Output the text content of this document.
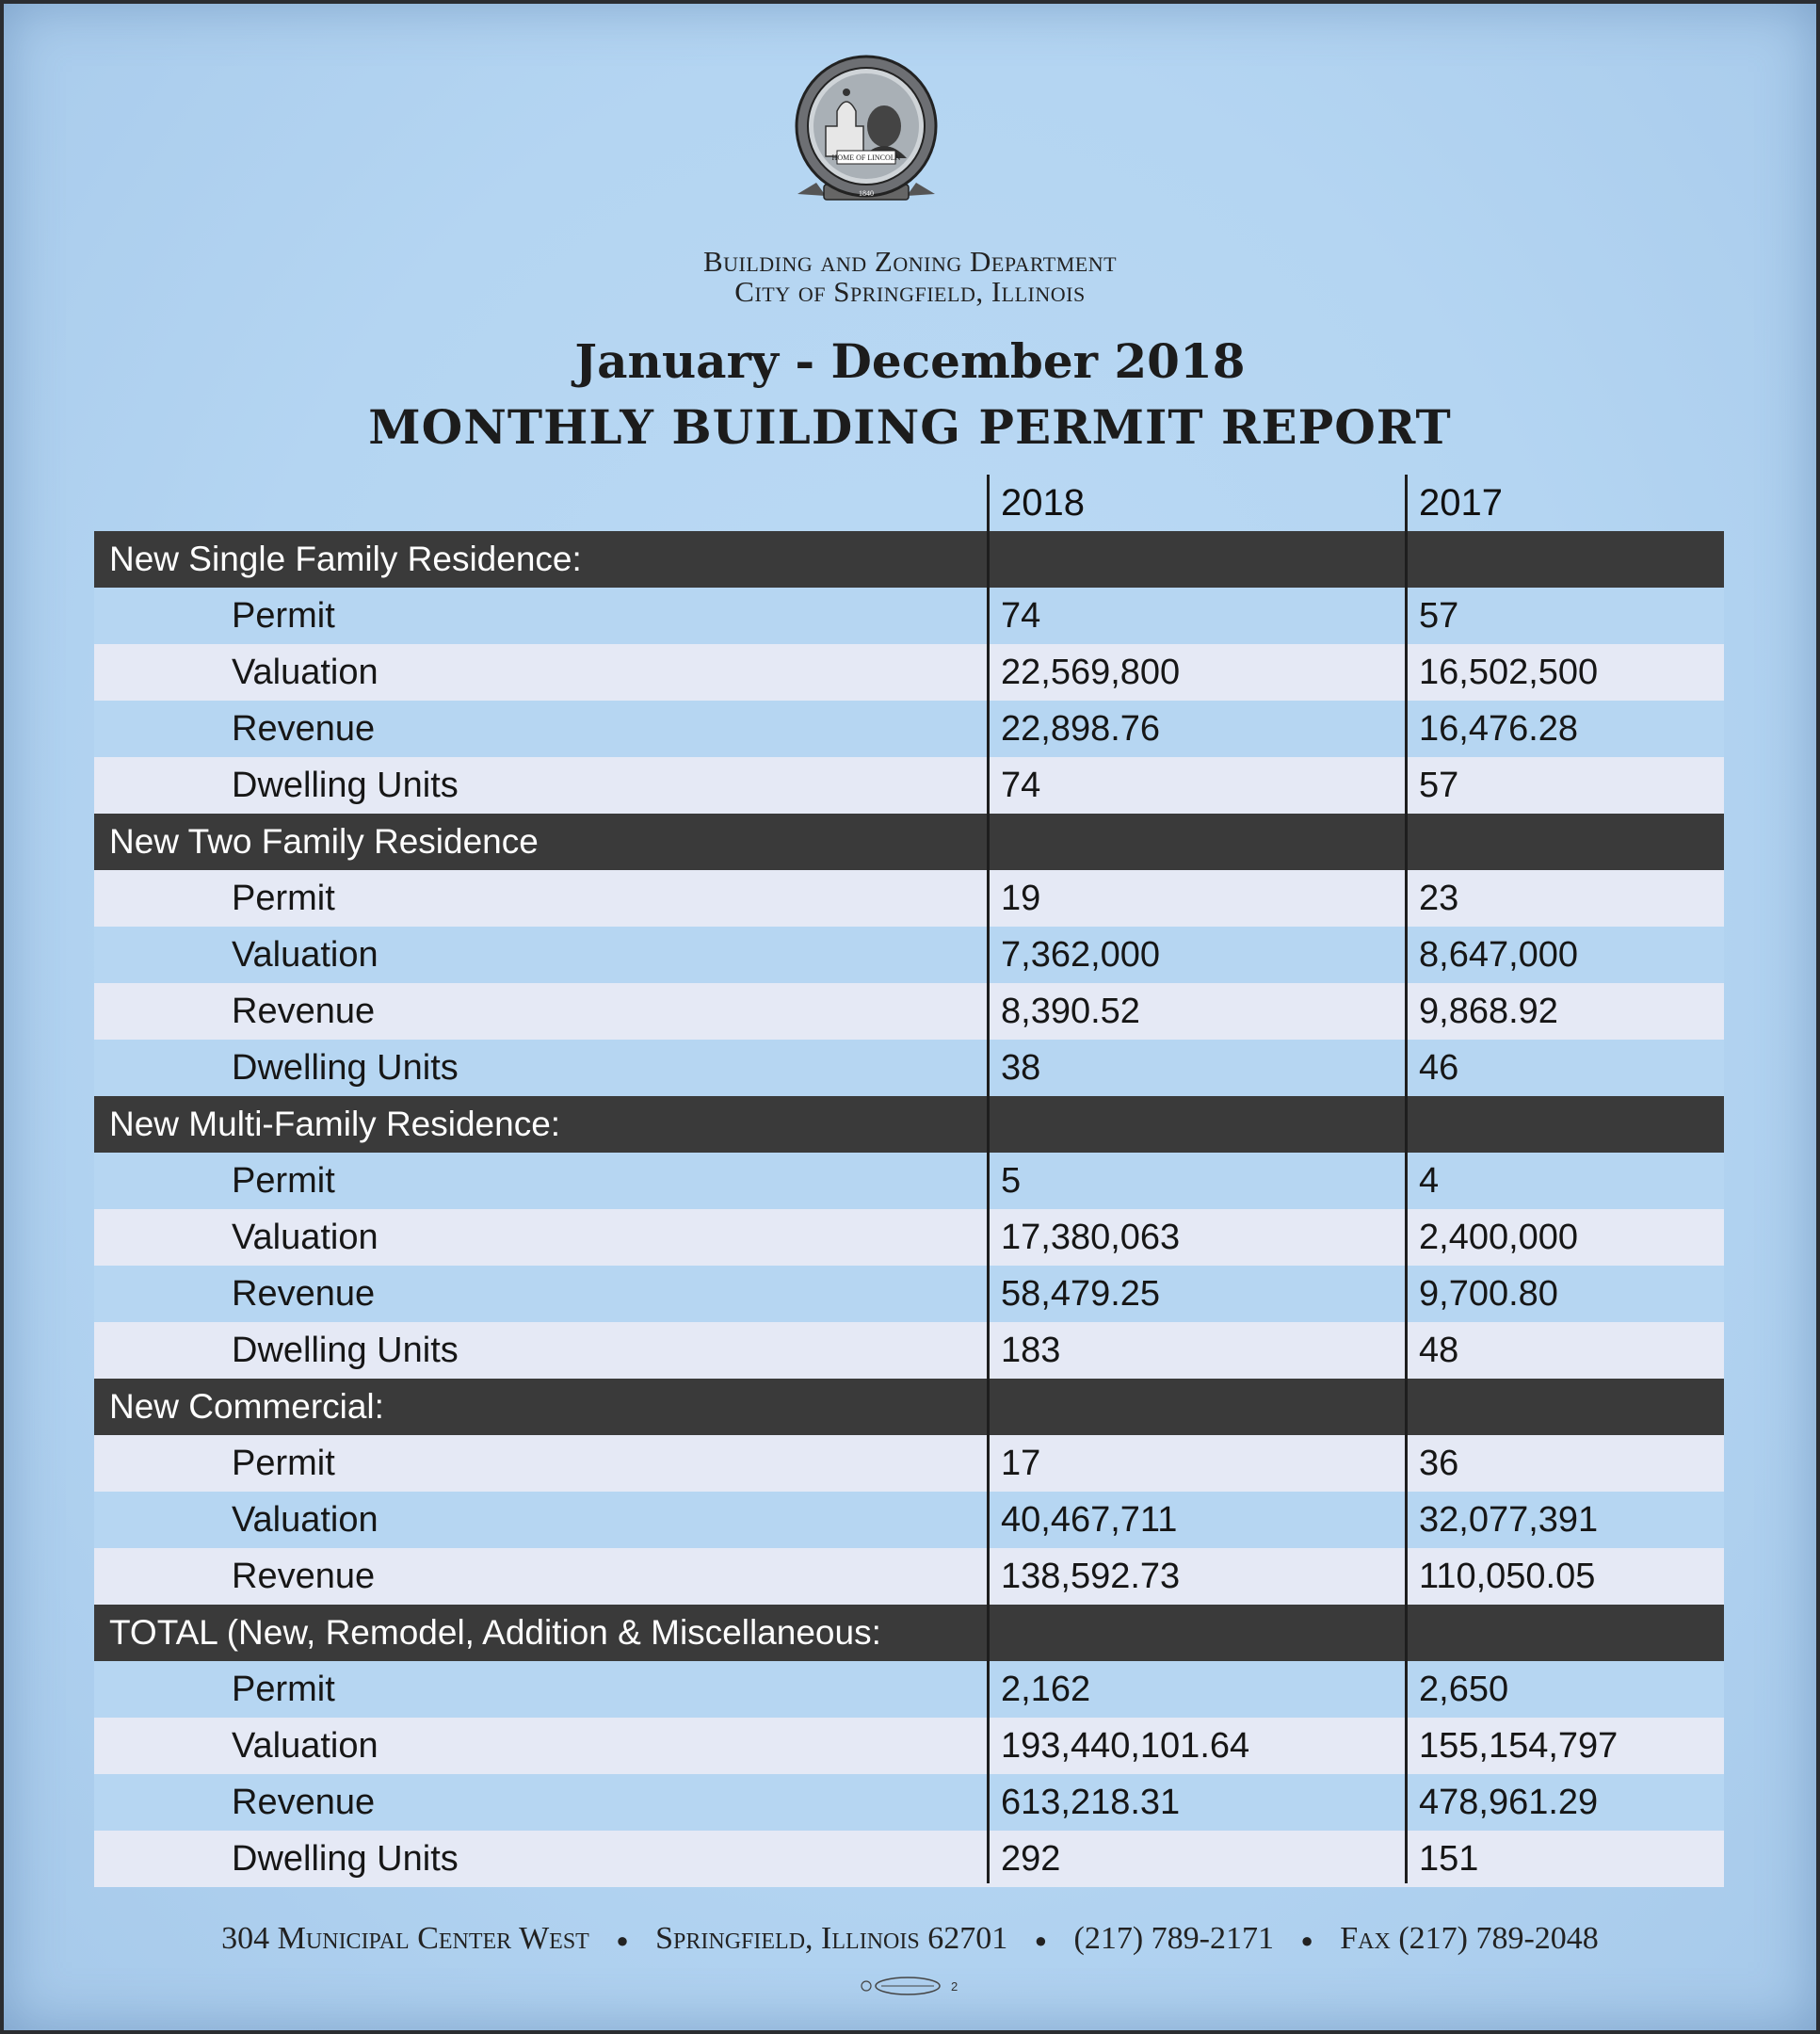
HOME OF LINCOLN
1840
Building and Zoning Department
City of Springfield, Illinois
January - December 2018
MONTHLY BUILDING PERMIT REPORT
2018	2017
New Single Family Residence:
Permit	74	57
Valuation	22,569,800	16,502,500
Revenue	22,898.76	16,476.28
Dwelling Units	74	57
New Two Family Residence
Permit	19	23
Valuation	7,362,000	8,647,000
Revenue	8,390.52	9,868.92
Dwelling Units	38	46
New Multi-Family Residence:
Permit	5	4
Valuation	17,380,063	2,400,000
Revenue	58,479.25	9,700.80
Dwelling Units	183	48
New Commercial:
Permit	17	36
Valuation	40,467,711	32,077,391
Revenue	138,592.73	110,050.05
TOTAL (New, Remodel, Addition & Miscellaneous:
Permit	2,162	2,650
Valuation	193,440,101.64	155,154,797
Revenue	613,218.31	478,961.29
Dwelling Units	292	151
304 Municipal Center West ● Springfield, Illinois 62701 ● (217) 789-2171 ● Fax (217) 789-2048
2
